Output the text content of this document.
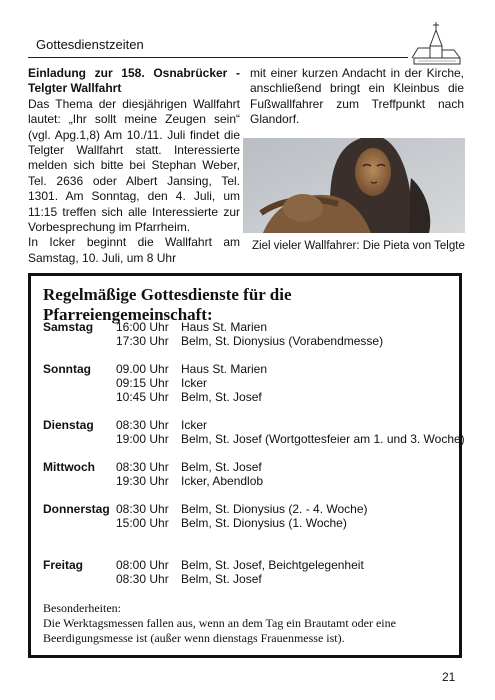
Gottesdienstzeiten
Einladung zur 158. Osnabrücker - Telgter Wallfahrt
Das Thema der diesjährigen Wallfahrt lautet: „Ihr sollt meine Zeugen sein“ (vgl. Apg.1,8) Am 10./11. Juli findet die Telgter Wallfahrt statt. Interessierte melden sich bitte bei Stephan Weber, Tel. 2636 oder Albert Jansing, Tel. 1301. Am Sonntag, den 4. Juli, um 11:15 treffen sich alle Interessierte zur Vorbesprechung im Pfarrheim.
In Icker beginnt die Wallfahrt am Samstag, 10. Juli, um 8 Uhr
mit einer kurzen Andacht in der Kirche, anschließend bringt ein Kleinbus die Fußwallfahrer zum Treffpunkt nach Glandorf.
Ziel vieler Wallfahrer: Die Pieta von Telgte
Regelmäßige Gottesdienste für die Pfarreiengemeinschaft:
Samstag 16:00 Uhr Haus St. Marien
17:30 Uhr Belm, St. Dionysius (Vorabendmesse)
Sonntag 09.00 Uhr Haus St. Marien
09:15 Uhr Icker
10:45 Uhr Belm, St. Josef
Dienstag 08:30 Uhr Icker
19:00 Uhr Belm, St. Josef (Wortgottesfeier am 1. und 3. Woche)
Mittwoch 08:30 Uhr Belm, St. Josef
19:30 Uhr Icker, Abendlob
Donnerstag 08:30 Uhr Belm, St. Dionysius (2. - 4. Woche)
15:00 Uhr Belm, St. Dionysius (1. Woche)
Freitag	08:00 Uhr Belm, St. Josef, Beichtgelegenheit
08:30 Uhr Belm, St. Josef
Besonderheiten:
Die Werktagsmessen fallen aus, wenn an dem Tag ein Brautamt oder eine Beerdigungsmesse ist (außer wenn dienstags Frauenmesse ist).
21
